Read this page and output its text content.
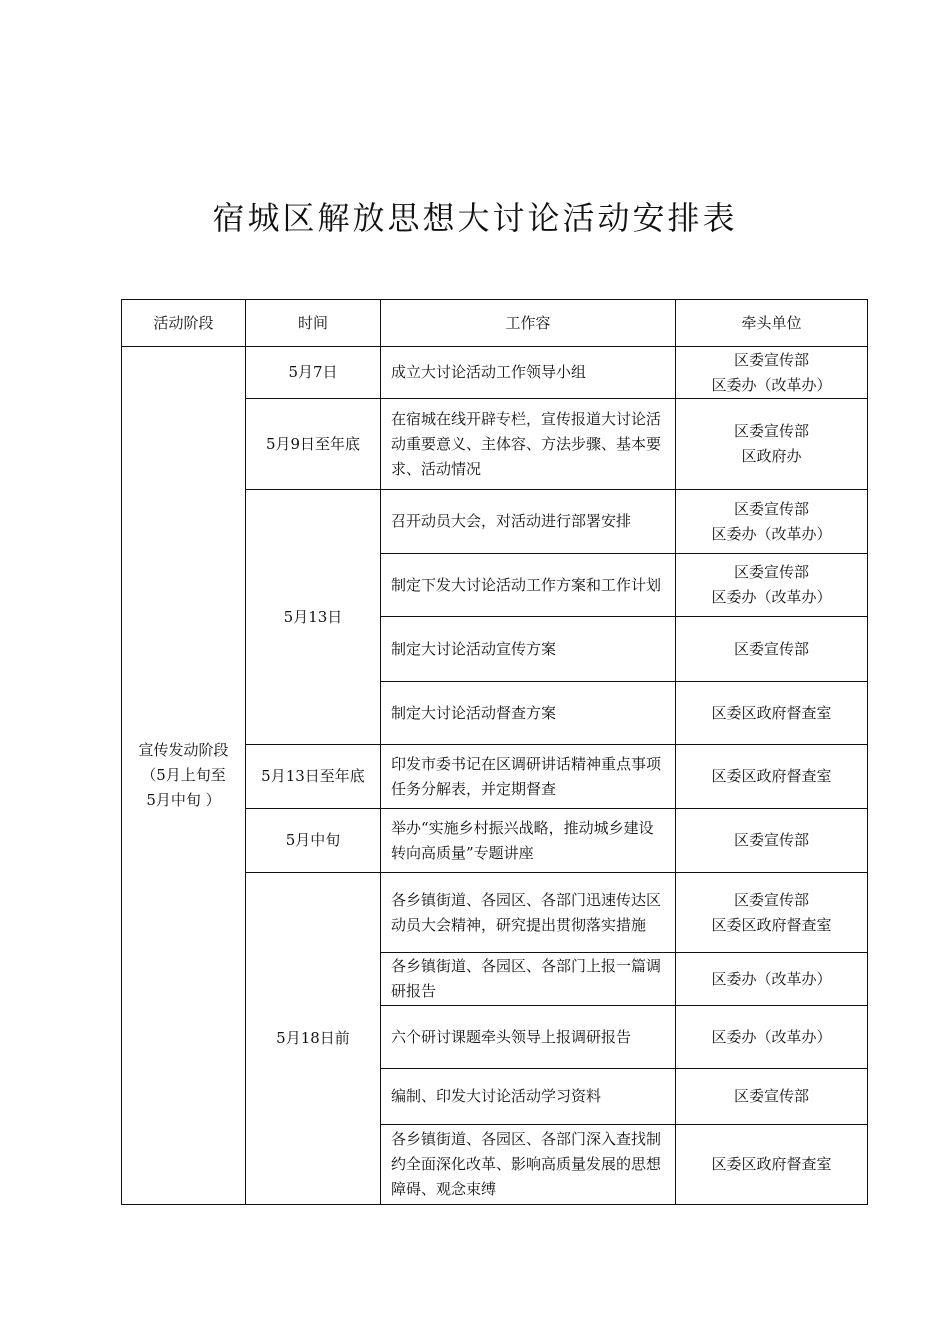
宿城区解放思想大讨论活动安排表
活动阶段	时间	工作容	牵头单位

宣传发动阶段
（5月上旬至
5月中旬 ）	5月7日	成立大讨论活动工作领导小组	区委宣传部
区委办（改革办）

	5月9日至年底	在宿城在线开辟专栏，宣传报道大讨论活动重要意义、主体容、方法步骤、基本要求、活动情况	区委宣传部
区政府办

	5月13日	召开动员大会，对活动进行部署安排	区委宣传部
区委办（改革办）

		制定下发大讨论活动工作方案和工作计划	区委宣传部
区委办（改革办）

		制定大讨论活动宣传方案	区委宣传部

		制定大讨论活动督查方案	区委区政府督查室

	5月13日至年底	印发市委书记在区调研讲话精神重点事项任务分解表，并定期督查	区委区政府督查室

	5月中旬	举办“实施乡村振兴战略，推动城乡建设转向高质量”专题讲座	区委宣传部

	5月18日前	各乡镇街道、各园区、各部门迅速传达区动员大会精神，研究提出贯彻落实措施	区委宣传部
区委区政府督查室

		各乡镇街道、各园区、各部门上报一篇调研报告	区委办（改革办）

		六个研讨课题牵头领导上报调研报告	区委办（改革办）

		编制、印发大讨论活动学习资料	区委宣传部

		各乡镇街道、各园区、各部门深入查找制约全面深化改革、影响高质量发展的思想障碍、观念束缚	区委区政府督查室
